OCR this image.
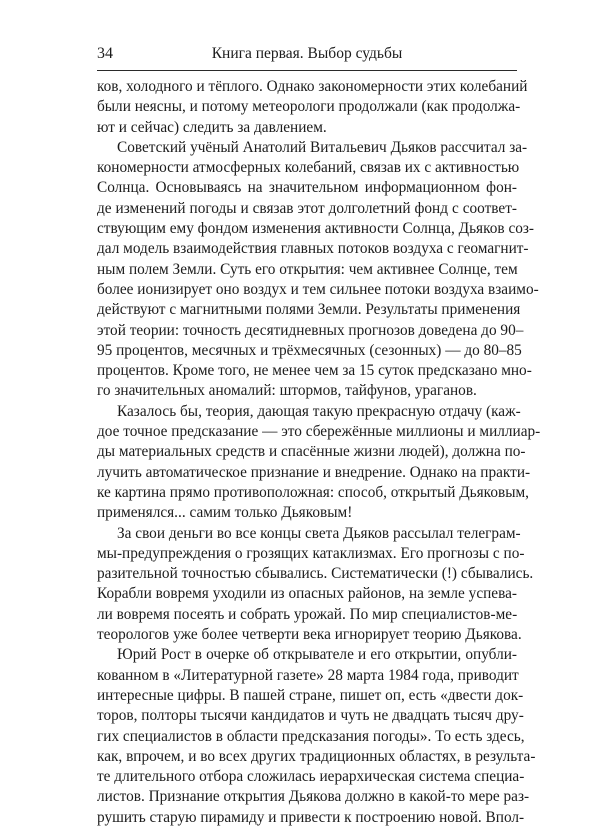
34	Книга первая. Выбор судьбы
ков, холодного и тёплого. Однако закономерности этих колебаний
были неясны, и потому метеорологи продолжали (как продолжа-
ют и сейчас) следить за давлением.
Советский учёный Анатолий Витальевич Дьяков рассчитал за-
кономерности атмосферных колебаний, связав их с активностью
Солнца. Основываясь на значительном информационном фон-
де изменений погоды и связав этот долголетний фонд с соответ-
ствующим ему фондом изменения активности Солнца, Дьяков соз-
дал модель взаимодействия главных потоков воздуха с геомагнит-
ным полем Земли. Суть его открытия: чем активнее Солнце, тем
более ионизирует оно воздух и тем сильнее потоки воздуха взаимо-
действуют с магнитными полями Земли. Результаты применения
этой теории: точность десятидневных прогнозов доведена до 90–
95 процентов, месячных и трёхмесячных (сезонных) — до 80–85
процентов. Кроме того, не менее чем за 15 суток предсказано мно-
го значительных аномалий: штормов, тайфунов, ураганов.
Казалось бы, теория, дающая такую прекрасную отдачу (каж-
дое точное предсказание — это сбережённые миллионы и миллиар-
ды материальных средств и спасённые жизни людей), должна по-
лучить автоматическое признание и внедрение. Однако на практи-
ке картина прямо противоположная: способ, открытый Дьяковым,
применялся... самим только Дьяковым!
За свои деньги во все концы света Дьяков рассылал телеграм-
мы-предупреждения о грозящих катаклизмах. Его прогнозы с по-
разительной точностью сбывались. Систематически (!) сбывались.
Корабли вовремя уходили из опасных районов, на земле успева-
ли вовремя посеять и собрать урожай. По мир специалистов-ме-
теорологов уже более четверти века игнорирует теорию Дьякова.
Юрий Рост в очерке об открывателе и его открытии, опубли-
кованном в «Литературной газете» 28 марта 1984 года, приводит
интересные цифры. В пашей стране, пишет оп, есть «двести док-
торов, полторы тысячи кандидатов и чуть не двадцать тысяч дру-
гих специалистов в области предсказания погоды». То есть здесь,
как, впрочем, и во всех других традиционных областях, в результа-
те длительного отбора сложилась иерархическая система специа-
листов. Признание открытия Дьякова должно в какой-то мере раз-
рушить старую пирамиду и привести к построению новой. Впол-
